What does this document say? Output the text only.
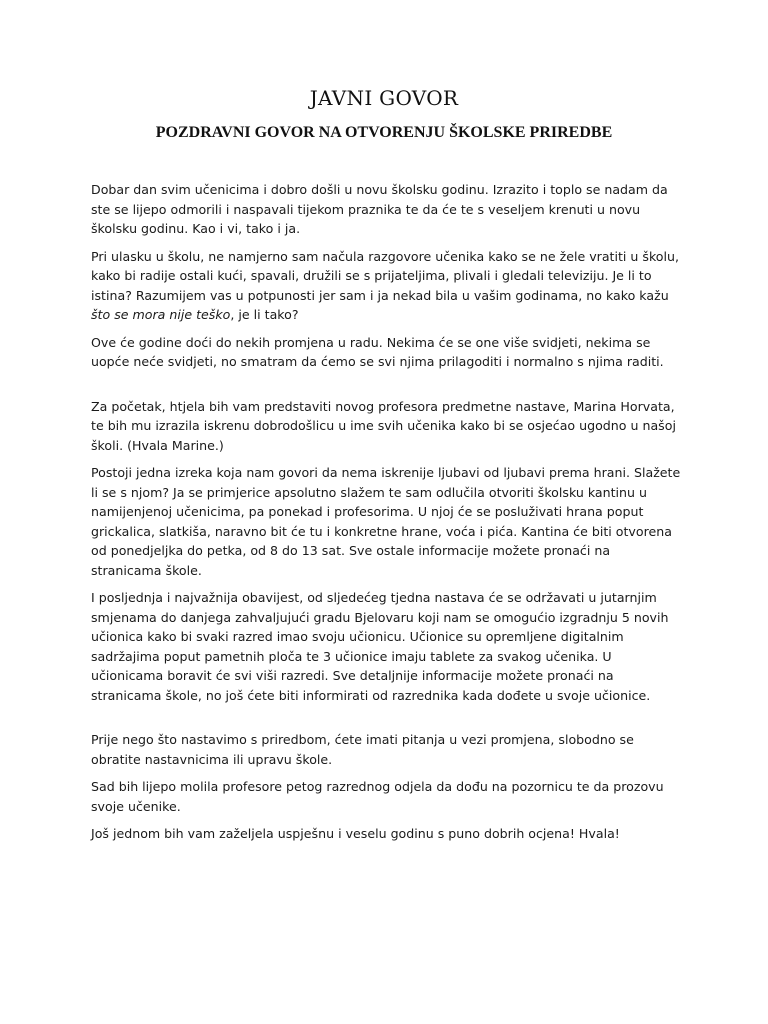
JAVNI GOVOR
POZDRAVNI GOVOR NA OTVORENJU ŠKOLSKE PRIREDBE

Dobar dan svim učenicima i dobro došli u novu školsku godinu. Izrazito i toplo se nadam da ste se lijepo odmorili i naspavali tijekom praznika te da će te s veseljem krenuti u novu školsku godinu. Kao i vi, tako i ja.

Pri ulasku u školu, ne namjerno sam načula razgovore učenika kako se ne žele vratiti u školu, kako bi radije ostali kući, spavali, družili se s prijateljima, plivali i gledali televiziju. Je li to istina? Razumijem vas u potpunosti jer sam i ja nekad bila u vašim godinama, no kako kažu što se mora nije teško, je li tako?

Ove će godine doći do nekih promjena u radu. Nekima će se one više svidjeti, nekima se uopće neće svidjeti, no smatram da ćemo se svi njima prilagoditi i normalno s njima raditi.

Za početak, htjela bih vam predstaviti novog profesora predmetne nastave, Marina Horvata, te bih mu izrazila iskrenu dobrodošlicu u ime svih učenika kako bi se osjećao ugodno u našoj školi. (Hvala Marine.)

Postoji jedna izreka koja nam govori da nema iskrenije ljubavi od ljubavi prema hrani. Slažete li se s njom? Ja se primjerice apsolutno slažem te sam odlučila otvoriti školsku kantinu u namijenjenoj učenicima, pa ponekad i profesorima. U njoj će se posluživati hrana poput grickalica, slatkiša, naravno bit će tu i konkretne hrane, voća i pića. Kantina će biti otvorena od ponedjeljka do petka, od 8 do 13 sat. Sve ostale informacije možete pronaći na stranicama škole.

I posljednja i najvažnija obavijest, od sljedećeg tjedna nastava će se održavati u jutarnjim smjenama do danjega zahvaljujući gradu Bjelovaru koji nam se omogućio izgradnju 5 novih učionica kako bi svaki razred imao svoju učionicu. Učionice su opremljene digitalnim sadržajima poput pametnih ploča te 3 učionice imaju tablete za svakog učenika. U učionicama boravit će svi viši razredi. Sve detaljnije informacije možete pronaći na stranicama škole, no još ćete biti informirati od razrednika kada dođete u svoje učionice.

Prije nego što nastavimo s priredbom, ćete imati pitanja u vezi promjena, slobodno se obratite nastavnicima ili upravu škole.

Sad bih lijepo molila profesore petog razrednog odjela da dođu na pozornicu te da prozovu svoje učenike.

Još jednom bih vam zaželjela uspješnu i veselu godinu s puno dobrih ocjena! Hvala!
